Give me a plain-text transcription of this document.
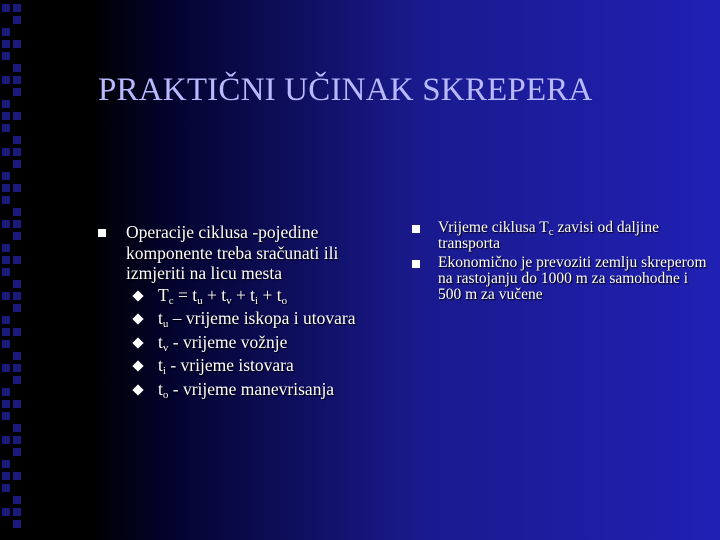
PRAKTIČNI UČINAK SKREPERA
Operacije ciklusa -pojedine komponente treba sračunati ili izmjeriti na licu mesta
$T_c = t_u + t_v + t_i + t_o$
$t_u$ – vrijeme iskopa i utovara
$t_v$ - vrijeme vožnje
$t_i$ - vrijeme istovara
$t_o$ - vrijeme manevrisanja
Vrijeme ciklusa $T_c$ zavisi od daljine transporta
Ekonomično je prevoziti zemlju skreperom na rastojanju do 1000 m za samohodne i 500 m za vučene
